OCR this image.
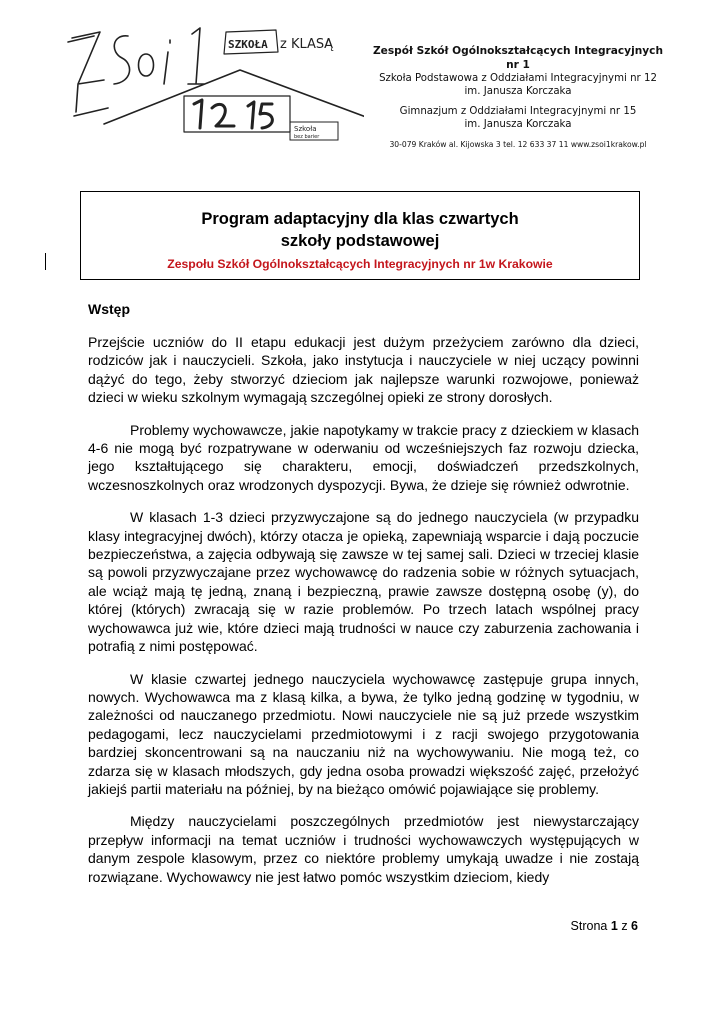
SZKOŁA z KLASĄ
Szkoła
bez barier
Zespół Szkół Ogólnokształcących Integracyjnych nr 1
Szkoła Podstawowa z Oddziałami Integracyjnymi nr 12
im. Janusza Korczaka
Gimnazjum z Oddziałami Integracyjnymi nr 15
im. Janusza Korczaka
30-079 Kraków al. Kijowska 3 tel. 12 633 37 11 www.zsoi1krakow.pl
Program adaptacyjny dla klas czwartych
szkoły podstawowej
Zespołu Szkół Ogólnokształcących Integracyjnych nr 1w Krakowie
Wstęp

Przejście uczniów do II etapu edukacji jest dużym przeżyciem zarówno dla dzieci, rodziców jak i nauczycieli. Szkoła, jako instytucja i nauczyciele w niej uczący powinni dążyć do tego, żeby stworzyć dzieciom jak najlepsze warunki rozwojowe, ponieważ dzieci w wieku szkolnym wymagają szczególnej opieki ze strony dorosłych.

Problemy wychowawcze, jakie napotykamy w trakcie pracy z dzieckiem w klasach 4-6 nie mogą być rozpatrywane w oderwaniu od wcześniejszych faz rozwoju dziecka, jego kształtującego się charakteru, emocji, doświadczeń przedszkolnych, wczesnoszkolnych oraz wrodzonych dyspozycji. Bywa, że dzieje się również odwrotnie.

W klasach 1-3 dzieci przyzwyczajone są do jednego nauczyciela (w przypadku klasy integracyjnej dwóch), którzy otacza je opieką, zapewniają wsparcie i dają poczucie bezpieczeństwa, a zajęcia odbywają się zawsze w tej samej sali. Dzieci w trzeciej klasie są powoli przyzwyczajane przez wychowawcę do radzenia sobie w różnych sytuacjach, ale wciąż mają tę jedną, znaną i bezpieczną, prawie zawsze dostępną osobę (y), do której (których) zwracają się w razie problemów. Po trzech latach wspólnej pracy wychowawca już wie, które dzieci mają trudności w nauce czy zaburzenia zachowania i potrafią z nimi postępować.

W klasie czwartej jednego nauczyciela wychowawcę zastępuje grupa innych, nowych. Wychowawca ma z klasą kilka, a bywa, że tylko jedną godzinę w tygodniu, w zależności od nauczanego przedmiotu. Nowi nauczyciele nie są już przede wszystkim pedagogami, lecz nauczycielami przedmiotowymi i z racji swojego przygotowania bardziej skoncentrowani są na nauczaniu niż na wychowywaniu. Nie mogą też, co zdarza się w klasach młodszych, gdy jedna osoba prowadzi większość zajęć, przełożyć jakiejś partii materiału na później, by na bieżąco omówić pojawiające się problemy.

Między nauczycielami poszczególnych przedmiotów jest niewystarczający przepływ informacji na temat uczniów i trudności wychowawczych występujących w danym zespole klasowym, przez co niektóre problemy umykają uwadze i nie zostają rozwiązane. Wychowawcy nie jest łatwo pomóc wszystkim dzieciom, kiedy

Strona 1 z 6
